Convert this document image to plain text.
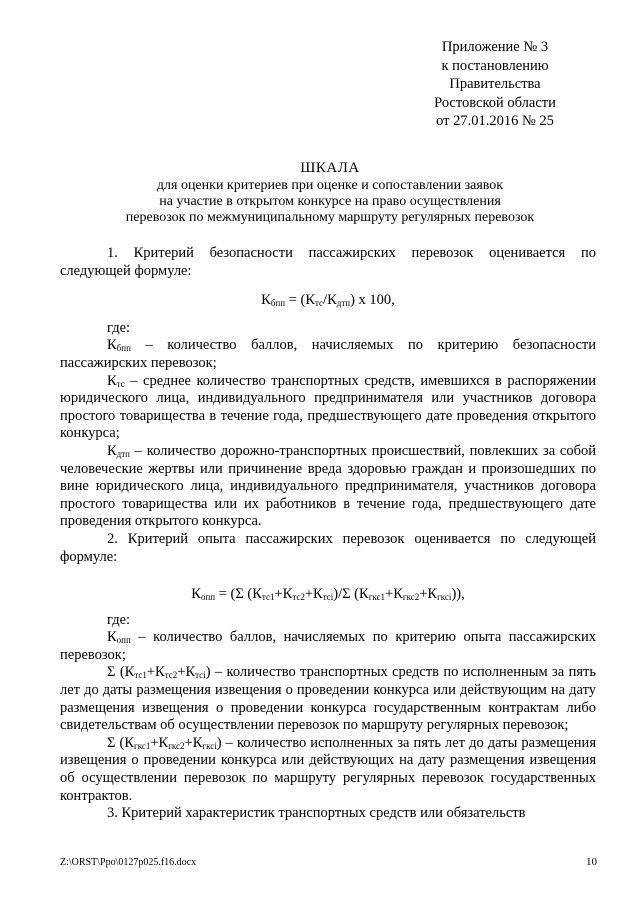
Приложение № 3
к постановлению
Правительства
Ростовской области
от 27.01.2016 № 25
ШКАЛА
для оценки критериев при оценке и сопоставлении заявок
на участие в открытом конкурсе на право осуществления
перевозок по межмуниципальному маршруту регулярных перевозок

1. Критерий безопасности пассажирских перевозок оценивается по следующей формуле:

$К_{бпп} = (К_{тс}/К_{дтп})$ х 100,

где:

$К_{бпп}$ – количество баллов, начисляемых по критерию безопасности пассажирских перевозок;

$К_{тс}$ – среднее количество транспортных средств, имевшихся в распоряжении юридического лица, индивидуального предпринимателя или участников договора простого товарищества в течение года, предшествующего дате проведения открытого конкурса;

$К_{дтп}$ – количество дорожно-транспортных происшествий, повлекших за собой человеческие жертвы или причинение вреда здоровью граждан и произошедших по вине юридического лица, индивидуального предпринимателя, участников договора простого товарищества или их работников в течение года, предшествующего дате проведения открытого конкурса.

2. Критерий опыта пассажирских перевозок оценивается по следующей формуле:

$К_{опп} = (\Sigma$ $(К_{тс1}+К_{тс2}+К_{тсi})/\Sigma$ $(К_{гкс1}+К_{гкс2}+К_{гксi})$),

где:

$К_{опп}$ – количество баллов, начисляемых по критерию опыта пассажирских перевозок;

Σ $(К_{тс1}+К_{тс2}+К_{тсi})$ – количество транспортных средств по исполненным за пять лет до даты размещения извещения о проведении конкурса или действующим на дату размещения извещения о проведении конкурса государственным контрактам либо свидетельствам об осуществлении перевозок по маршруту регулярных перевозок;

Σ $(К_{гкс1}+К_{гкс2}+К_{гксi})$ – количество исполненных за пять лет до даты размещения извещения о проведении конкурса или действующих на дату размещения извещения об осуществлении перевозок по маршруту регулярных перевозок государственных контрактов.

3. Критерий характеристик транспортных средств или обязательств

Z:\ORST\Ppo\0127p025.f16.docx	10
